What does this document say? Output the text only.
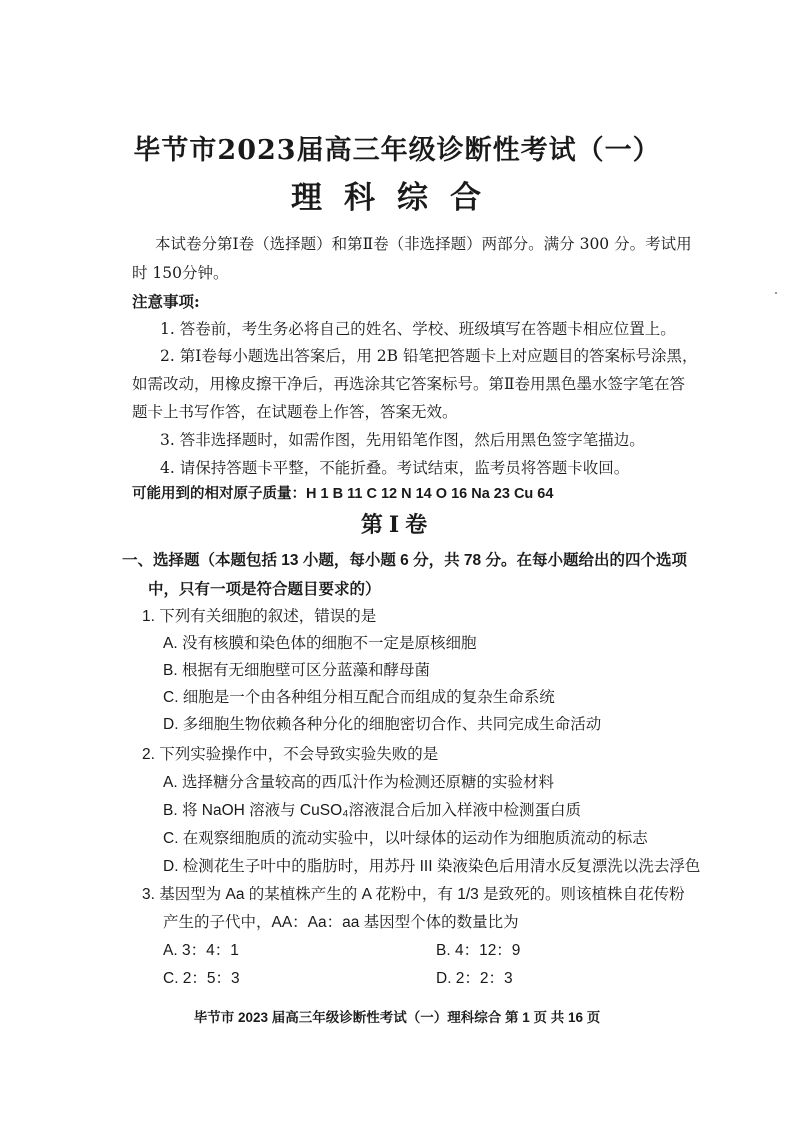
毕节市2023届高三年级诊断性考试（一）
理科综合
本试卷分第Ⅰ卷（选择题）和第Ⅱ卷（非选择题）两部分。满分 300 分。考试用
时 150分钟。
注意事项:
1. 答卷前，考生务必将自己的姓名、学校、班级填写在答题卡相应位置上。
2. 第Ⅰ卷每小题选出答案后，用 2B 铅笔把答题卡上对应题目的答案标号涂黑，
如需改动，用橡皮擦干净后，再选涂其它答案标号。第Ⅱ卷用黑色墨水签字笔在答
题卡上书写作答，在试题卷上作答，答案无效。
3. 答非选择题时，如需作图，先用铅笔作图，然后用黑色签字笔描边。
4. 请保持答题卡平整，不能折叠。考试结束，监考员将答题卡收回。
可能用到的相对原子质量：H 1 B 11 C 12 N 14 O 16 Na 23 Cu 64
第Ⅰ卷
一、选择题（本题包括 13 小题，每小题 6 分，共 78 分。在每小题给出的四个选项
中，只有一项是符合题目要求的）
1. 下列有关细胞的叙述，错误的是
A. 没有核膜和染色体的细胞不一定是原核细胞
B. 根据有无细胞壁可区分蓝藻和酵母菌
C. 细胞是一个由各种组分相互配合而组成的复杂生命系统
D. 多细胞生物依赖各种分化的细胞密切合作、共同完成生命活动
2. 下列实验操作中，不会导致实验失败的是
A. 选择糖分含量较高的西瓜汁作为检测还原糖的实验材料
B. 将 NaOH 溶液与 CuSO₄溶液混合后加入样液中检测蛋白质
C. 在观察细胞质的流动实验中，以叶绿体的运动作为细胞质流动的标志
D. 检测花生子叶中的脂肪时，用苏丹 III 染液染色后用清水反复漂洗以洗去浮色
3. 基因型为 Aa 的某植株产生的 A 花粉中，有 1/3 是致死的。则该植株自花传粉
产生的子代中，AA：Aa：aa 基因型个体的数量比为
A. 3：4：1	B. 4：12：9
C. 2：5：3	D. 2：2：3
毕节市 2023 届高三年级诊断性考试（一）理科综合 第 1 页 共 16 页
